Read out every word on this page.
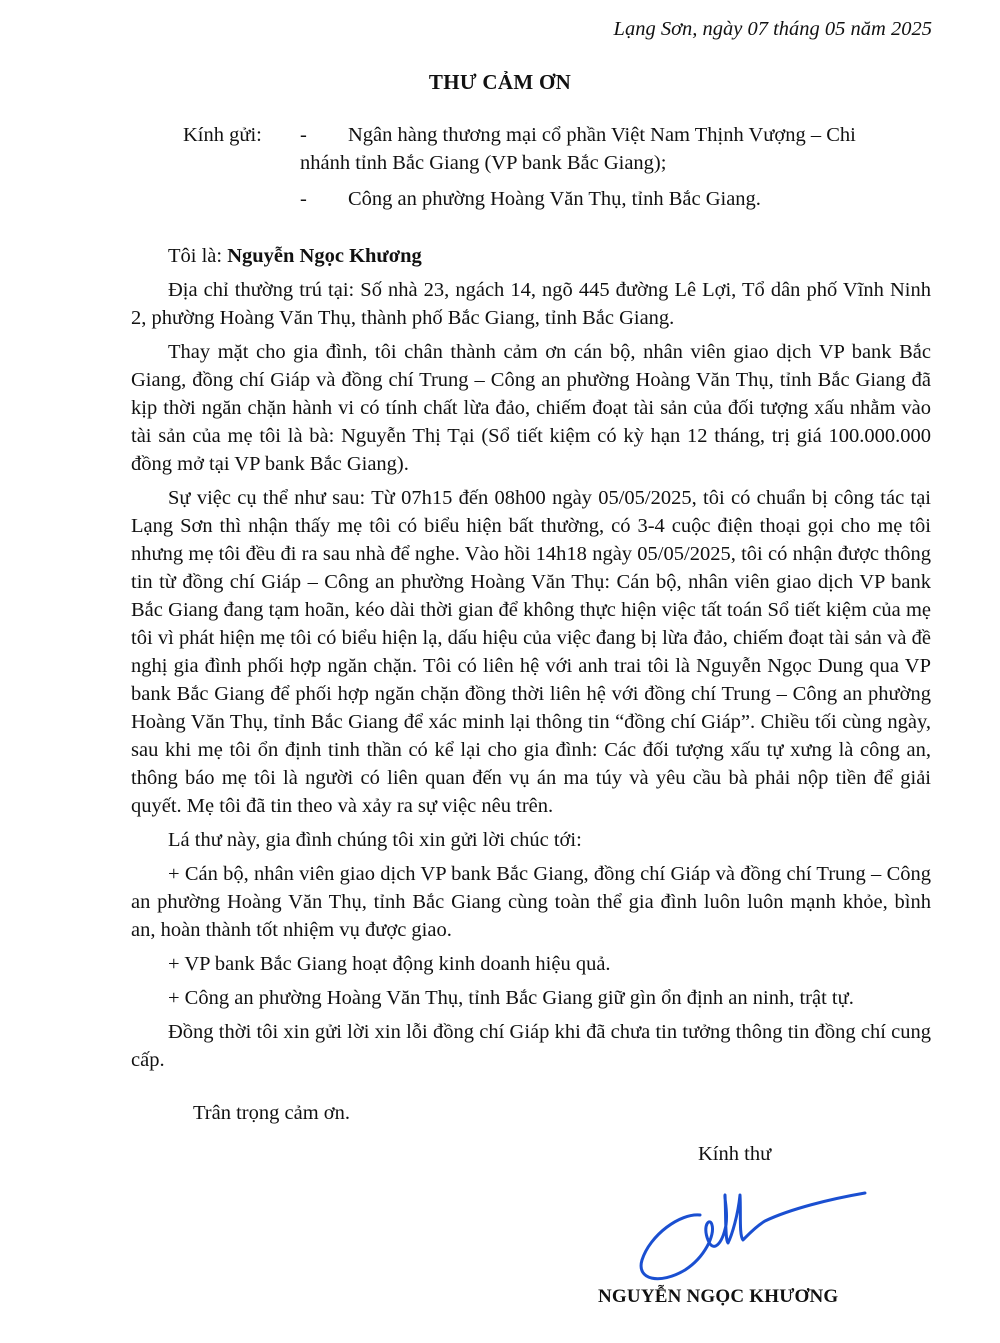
Lạng Sơn, ngày 07 tháng 05 năm 2025
THƯ CẢM ƠN
Kính gửi: - Ngân hàng thương mại cổ phần Việt Nam Thịnh Vượng – Chi
nhánh tỉnh Bắc Giang (VP bank Bắc Giang);
- Công an phường Hoàng Văn Thụ, tỉnh Bắc Giang.

Tôi là: Nguyễn Ngọc Khương

Địa chỉ thường trú tại: Số nhà 23, ngách 14, ngõ 445 đường Lê Lợi, Tổ dân phố Vĩnh Ninh 2, phường Hoàng Văn Thụ, thành phố Bắc Giang, tỉnh Bắc Giang.

Thay mặt cho gia đình, tôi chân thành cảm ơn cán bộ, nhân viên giao dịch VP bank Bắc Giang, đồng chí Giáp và đồng chí Trung – Công an phường Hoàng Văn Thụ, tỉnh Bắc Giang đã kịp thời ngăn chặn hành vi có tính chất lừa đảo, chiếm đoạt tài sản của đối tượng xấu nhằm vào tài sản của mẹ tôi là bà: Nguyễn Thị Tại (Sổ tiết kiệm có kỳ hạn 12 tháng, trị giá 100.000.000 đồng mở tại VP bank Bắc Giang).

Sự việc cụ thể như sau: Từ 07h15 đến 08h00 ngày 05/05/2025, tôi có chuẩn bị công tác tại Lạng Sơn thì nhận thấy mẹ tôi có biểu hiện bất thường, có 3-4 cuộc điện thoại gọi cho mẹ tôi nhưng mẹ tôi đều đi ra sau nhà để nghe. Vào hồi 14h18 ngày 05/05/2025, tôi có nhận được thông tin từ đồng chí Giáp – Công an phường Hoàng Văn Thụ: Cán bộ, nhân viên giao dịch VP bank Bắc Giang đang tạm hoãn, kéo dài thời gian để không thực hiện việc tất toán Sổ tiết kiệm của mẹ tôi vì phát hiện mẹ tôi có biểu hiện lạ, dấu hiệu của việc đang bị lừa đảo, chiếm đoạt tài sản và đề nghị gia đình phối hợp ngăn chặn. Tôi có liên hệ với anh trai tôi là Nguyễn Ngọc Dung qua VP bank Bắc Giang để phối hợp ngăn chặn đồng thời liên hệ với đồng chí Trung – Công an phường Hoàng Văn Thụ, tỉnh Bắc Giang để xác minh lại thông tin “đồng chí Giáp”. Chiều tối cùng ngày, sau khi mẹ tôi ổn định tinh thần có kể lại cho gia đình: Các đối tượng xấu tự xưng là công an, thông báo mẹ tôi là người có liên quan đến vụ án ma túy và yêu cầu bà phải nộp tiền để giải quyết. Mẹ tôi đã tin theo và xảy ra sự việc nêu trên.

Lá thư này, gia đình chúng tôi xin gửi lời chúc tới:

+ Cán bộ, nhân viên giao dịch VP bank Bắc Giang, đồng chí Giáp và đồng chí Trung – Công an phường Hoàng Văn Thụ, tỉnh Bắc Giang cùng toàn thể gia đình luôn luôn mạnh khỏe, bình an, hoàn thành tốt nhiệm vụ được giao.

+ VP bank Bắc Giang hoạt động kinh doanh hiệu quả.

+ Công an phường Hoàng Văn Thụ, tỉnh Bắc Giang giữ gìn ổn định an ninh, trật tự.

Đồng thời tôi xin gửi lời xin lỗi đồng chí Giáp khi đã chưa tin tưởng thông tin đồng chí cung cấp.

Trân trọng cảm ơn.
Kính thư
NGUYỄN NGỌC KHƯƠNG
